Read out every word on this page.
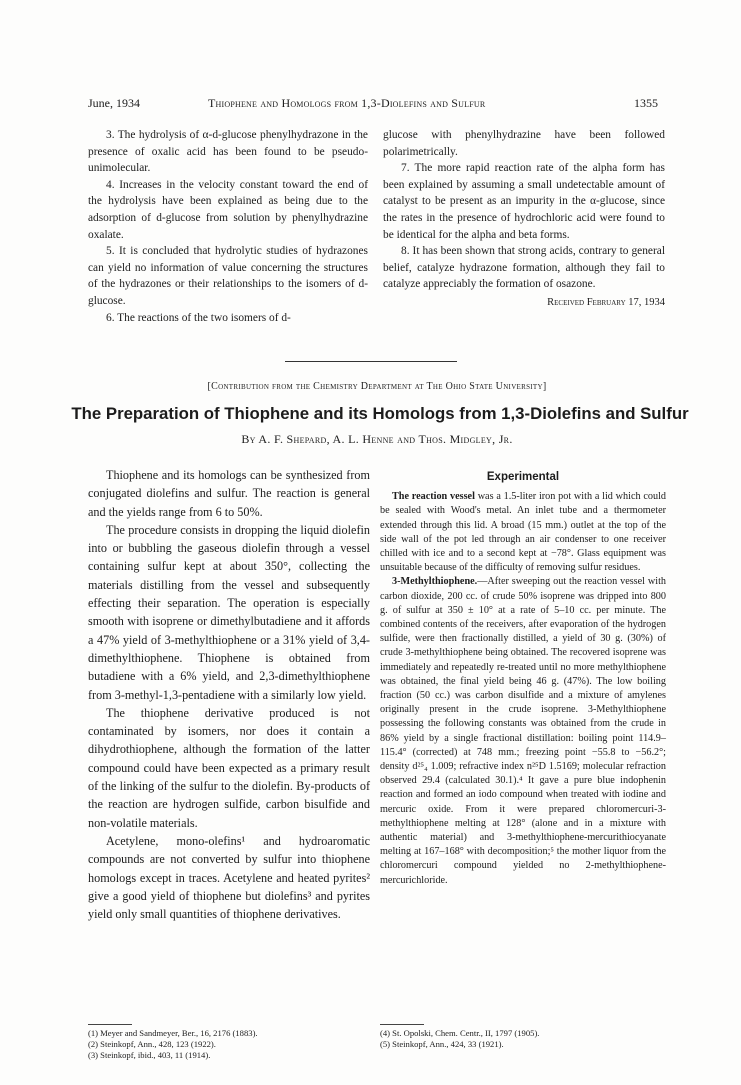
June, 1934	Thiophene and Homologs from 1,3-Diolefins and Sulfur	1355

3. The hydrolysis of α-d-glucose phenylhydrazone in the presence of oxalic acid has been found to be pseudo-unimolecular.

4. Increases in the velocity constant toward the end of the hydrolysis have been explained as being due to the adsorption of d-glucose from solution by phenylhydrazine oxalate.

5. It is concluded that hydrolytic studies of hydrazones can yield no information of value concerning the structures of the hydrazones or their relationships to the isomers of d-glucose.

6. The reactions of the two isomers of d-

glucose with phenylhydrazine have been followed polarimetrically.

7. The more rapid reaction rate of the alpha form has been explained by assuming a small undetectable amount of catalyst to be present as an impurity in the α-glucose, since the rates in the presence of hydrochloric acid were found to be identical for the alpha and beta forms.

8. It has been shown that strong acids, contrary to general belief, catalyze hydrazone formation, although they fail to catalyze appreciably the formation of osazone.

Received February 17, 1934

[Contribution from the Chemistry Department at The Ohio State University]
The Preparation of Thiophene and its Homologs from 1,3-Diolefins and Sulfur
By A. F. Shepard, A. L. Henne and Thos. Midgley, Jr.

Thiophene and its homologs can be synthesized from conjugated diolefins and sulfur. The reaction is general and the yields range from 6 to 50%.

The procedure consists in dropping the liquid diolefin into or bubbling the gaseous diolefin through a vessel containing sulfur kept at about 350°, collecting the materials distilling from the vessel and subsequently effecting their separation. The operation is especially smooth with isoprene or dimethylbutadiene and it affords a 47% yield of 3-methylthiophene or a 31% yield of 3,4-dimethylthiophene. Thiophene is obtained from butadiene with a 6% yield, and 2,3-dimethylthiophene from 3-methyl-1,3-pentadiene with a similarly low yield.

The thiophene derivative produced is not contaminated by isomers, nor does it contain a dihydrothiophene, although the formation of the latter compound could have been expected as a primary result of the linking of the sulfur to the diolefin. By-products of the reaction are hydrogen sulfide, carbon bisulfide and non-volatile materials.

Acetylene, mono-olefins¹ and hydroaromatic compounds are not converted by sulfur into thiophene homologs except in traces. Acetylene and heated pyrites² give a good yield of thiophene but diolefins³ and pyrites yield only small quantities of thiophene derivatives.

Experimental

The reaction vessel was a 1.5-liter iron pot with a lid which could be sealed with Wood's metal. An inlet tube and a thermometer extended through this lid. A broad (15 mm.) outlet at the top of the side wall of the pot led through an air condenser to one receiver chilled with ice and to a second kept at −78°. Glass equipment was unsuitable because of the difficulty of removing sulfur residues.

3-Methylthiophene.—After sweeping out the reaction vessel with carbon dioxide, 200 cc. of crude 50% isoprene was dripped into 800 g. of sulfur at 350 ± 10° at a rate of 5–10 cc. per minute. The combined contents of the receivers, after evaporation of the hydrogen sulfide, were then fractionally distilled, a yield of 30 g. (30%) of crude 3-methylthiophene being obtained. The recovered isoprene was immediately and repeatedly re-treated until no more methylthiophene was obtained, the final yield being 46 g. (47%). The low boiling fraction (50 cc.) was carbon disulfide and a mixture of amylenes originally present in the crude isoprene. 3-Methylthiophene possessing the following constants was obtained from the crude in 86% yield by a single fractional distillation: boiling point 114.9–115.4° (corrected) at 748 mm.; freezing point −55.8 to −56.2°; density d²⁵₄ 1.009; refractive index n²⁵D 1.5169; molecular refraction observed 29.4 (calculated 30.1).⁴ It gave a pure blue indophenin reaction and formed an iodo compound when treated with iodine and mercuric oxide. From it were prepared chloromercuri-3-methylthiophene melting at 128° (alone and in a mixture with authentic material) and 3-methylthiophene-mercurithiocyanate melting at 167–168° with decomposition;⁵ the mother liquor from the chloromercuri compound yielded no 2-methylthiophene-mercurichloride.

(1) Meyer and Sandmeyer, Ber., 16, 2176 (1883).
(2) Steinkopf, Ann., 428, 123 (1922).
(3) Steinkopf, ibid., 403, 11 (1914).
(4) St. Opolski, Chem. Centr., II, 1797 (1905).
(5) Steinkopf, Ann., 424, 33 (1921).
